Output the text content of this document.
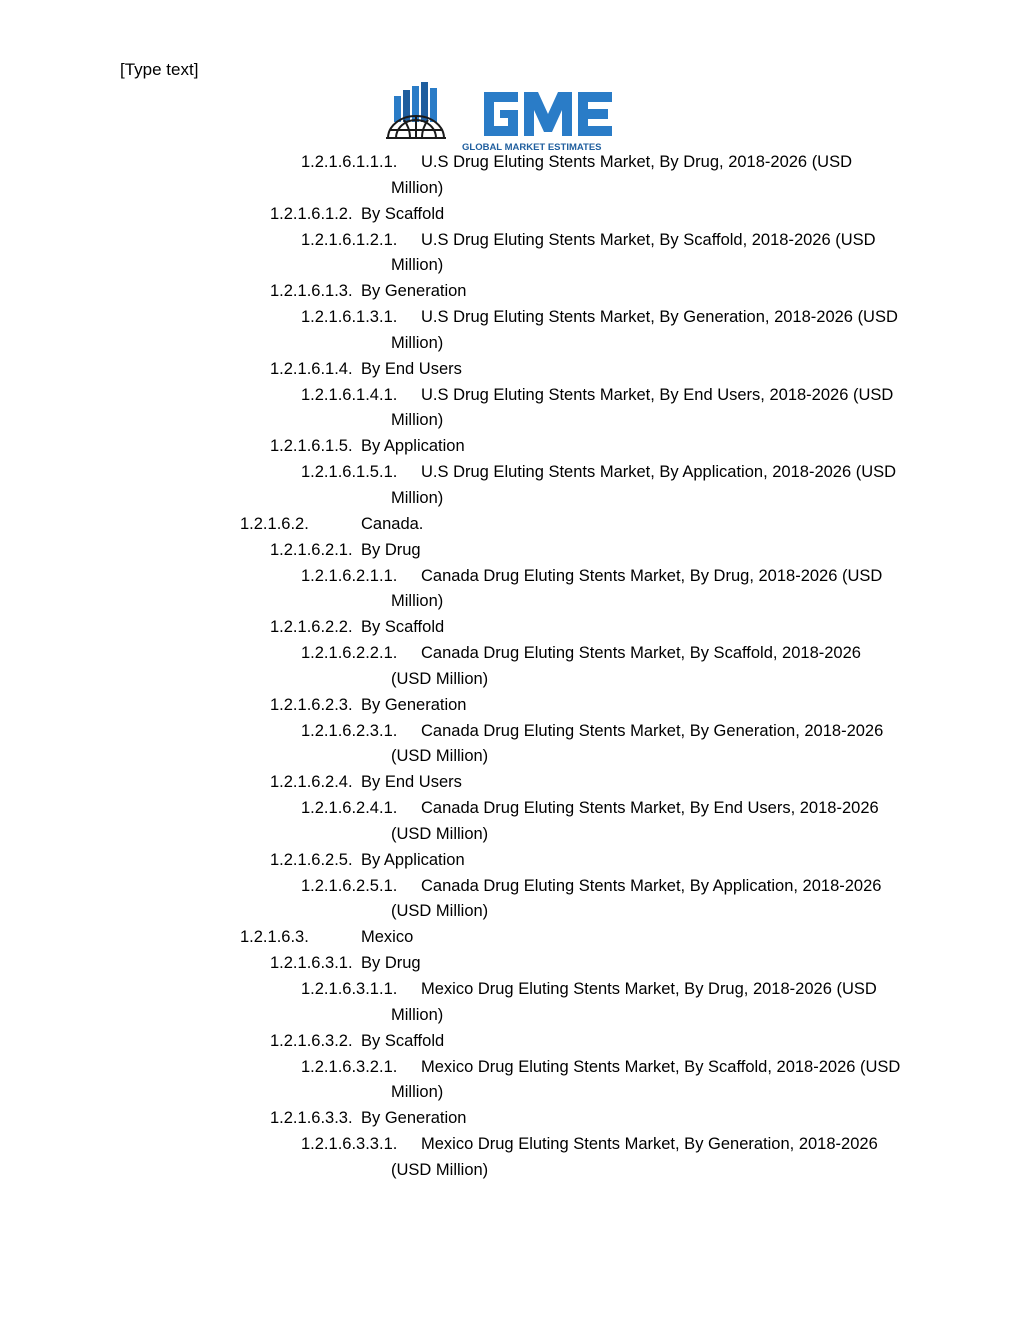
[Type text]
GLOBAL MARKET ESTIMATES
1.2.1.6.1.1.1. U.S Drug Eluting Stents Market, By Drug, 2018-2026 (USD
Million)
1.2.1.6.1.2. By Scaffold
1.2.1.6.1.2.1. U.S Drug Eluting Stents Market, By Scaffold, 2018-2026 (USD
Million)
1.2.1.6.1.3. By Generation
1.2.1.6.1.3.1. U.S Drug Eluting Stents Market, By Generation, 2018-2026 (USD
Million)
1.2.1.6.1.4. By End Users
1.2.1.6.1.4.1. U.S Drug Eluting Stents Market, By End Users, 2018-2026 (USD
Million)
1.2.1.6.1.5. By Application
1.2.1.6.1.5.1. U.S Drug Eluting Stents Market, By Application, 2018-2026 (USD
Million)
1.2.1.6.2.	Canada.
1.2.1.6.2.1. By Drug
1.2.1.6.2.1.1. Canada Drug Eluting Stents Market, By Drug, 2018-2026 (USD
Million)
1.2.1.6.2.2. By Scaffold
1.2.1.6.2.2.1. Canada Drug Eluting Stents Market, By Scaffold, 2018-2026
(USD Million)
1.2.1.6.2.3. By Generation
1.2.1.6.2.3.1. Canada Drug Eluting Stents Market, By Generation, 2018-2026
(USD Million)
1.2.1.6.2.4. By End Users
1.2.1.6.2.4.1. Canada Drug Eluting Stents Market, By End Users, 2018-2026
(USD Million)
1.2.1.6.2.5. By Application
1.2.1.6.2.5.1. Canada Drug Eluting Stents Market, By Application, 2018-2026
(USD Million)
1.2.1.6.3.	Mexico
1.2.1.6.3.1. By Drug
1.2.1.6.3.1.1. Mexico Drug Eluting Stents Market, By Drug, 2018-2026 (USD
Million)
1.2.1.6.3.2. By Scaffold
1.2.1.6.3.2.1. Mexico Drug Eluting Stents Market, By Scaffold, 2018-2026 (USD
Million)
1.2.1.6.3.3. By Generation
1.2.1.6.3.3.1. Mexico Drug Eluting Stents Market, By Generation, 2018-2026
(USD Million)
